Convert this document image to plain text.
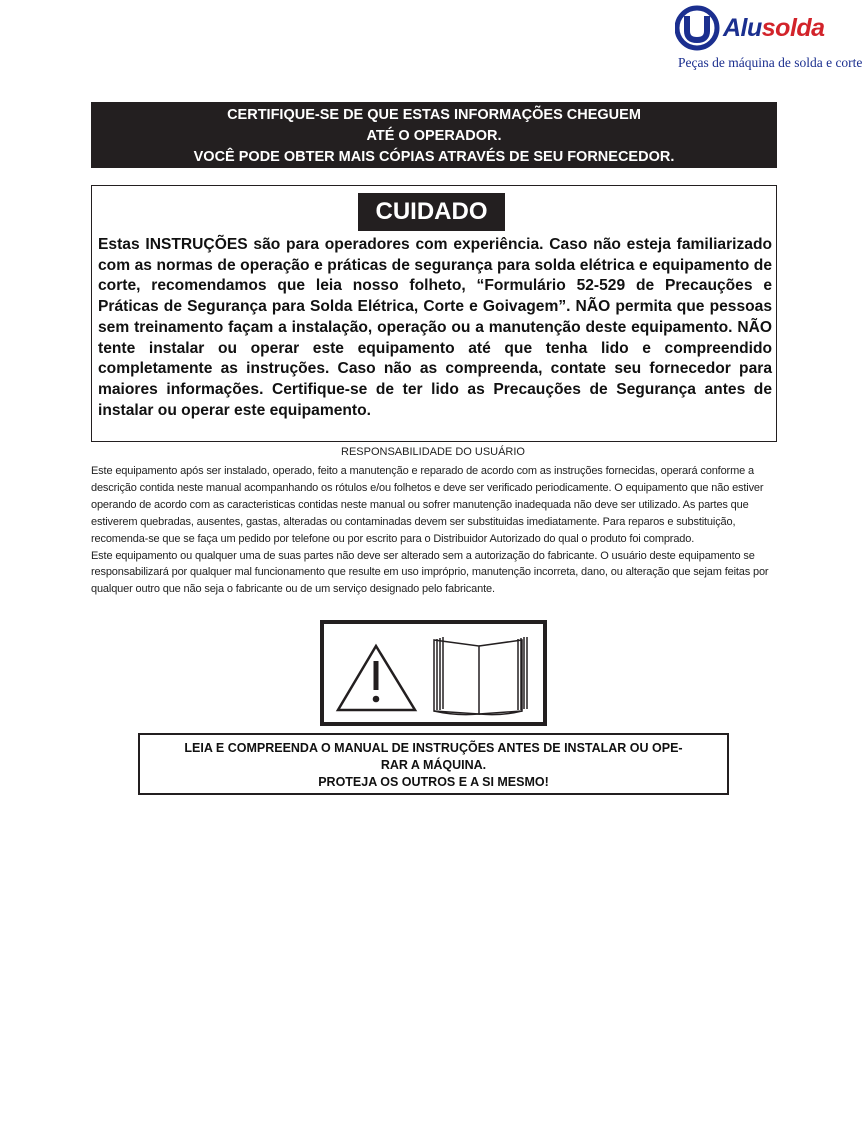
Alusolda
Peças de máquina de solda e corte
CERTIFIQUE-SE DE QUE ESTAS INFORMAÇÕES CHEGUEM
ATÉ O OPERADOR.
VOCÊ PODE OBTER MAIS CÓPIAS ATRAVÉS DE SEU FORNECEDOR.
CUIDADO

Estas INSTRUÇÕES são para operadores com experiência. Caso não esteja familiarizado com as normas de operação e práticas de segurança para solda elétrica e equipamento de corte, recomendamos que leia nosso folheto, “Formulário 52-529 de Precauções e Práticas de Segurança para Solda Elétrica, Corte e Goivagem”. NÃO permita que pessoas sem treinamento façam a instalação, operação ou a manutenção deste equipamento. NÃO tente instalar ou operar este equipamento até que tenha lido e compreendido completamente as instruções. Caso não as compreenda, contate seu fornecedor para maiores informações. Certifique-se de ter lido as Precauções de Segurança antes de instalar ou operar este equipamento.

RESPONSABILIDADE DO USUÁRIO

Este equipamento após ser instalado, operado, feito a manutenção e reparado de acordo com as instruções fornecidas, operará conforme a descrição contida neste manual acompanhando os rótulos e/ou folhetos e deve ser verificado periodicamente. O equipamento que não estiver operando de acordo com as caracteristicas contidas neste manual ou sofrer manutenção inadequada não deve ser utilizado. As partes que estiverem quebradas, ausentes, gastas, alteradas ou contaminadas devem ser substituidas imediatamente. Para reparos e substituição, recomenda-se que se faça um pedido por telefone ou por escrito para o Distribuidor Autorizado do qual o produto foi comprado.

Este equipamento ou qualquer uma de suas partes não deve ser alterado sem a autorização do fabricante. O usuário deste equipamento se responsabilizará por qualquer mal funcionamento que resulte em uso impróprio, manutenção incorreta, dano, ou alteração que sejam feitas por qualquer outro que não seja o fabricante ou de um serviço designado pelo fabricante.

LEIA E COMPREENDA O MANUAL DE INSTRUÇÕES ANTES DE INSTALAR OU OPE-
RAR A MÁQUINA.
PROTEJA OS OUTROS E A SI MESMO!
